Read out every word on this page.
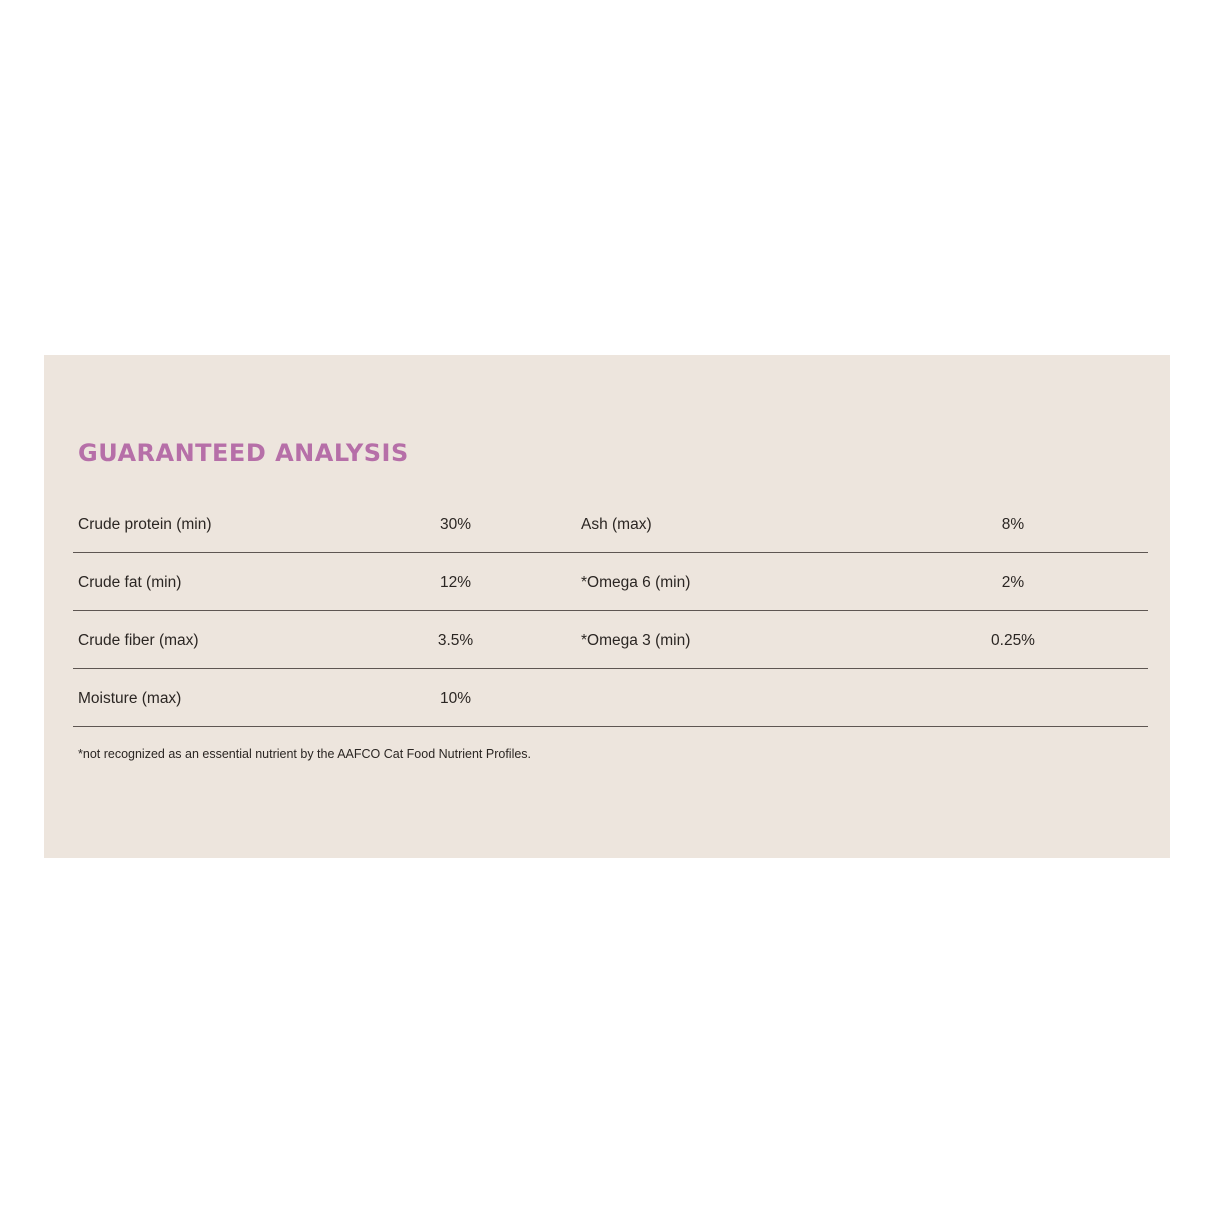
GUARANTEED ANALYSIS
Crude protein (min)	30%	Ash (max)	8%
Crude fat (min)	12%	*Omega 6 (min)	2%
Crude fiber (max)	3.5%	*Omega 3 (min)	0.25%
Moisture (max)	10%

*not recognized as an essential nutrient by the AAFCO Cat Food Nutrient Profiles.
